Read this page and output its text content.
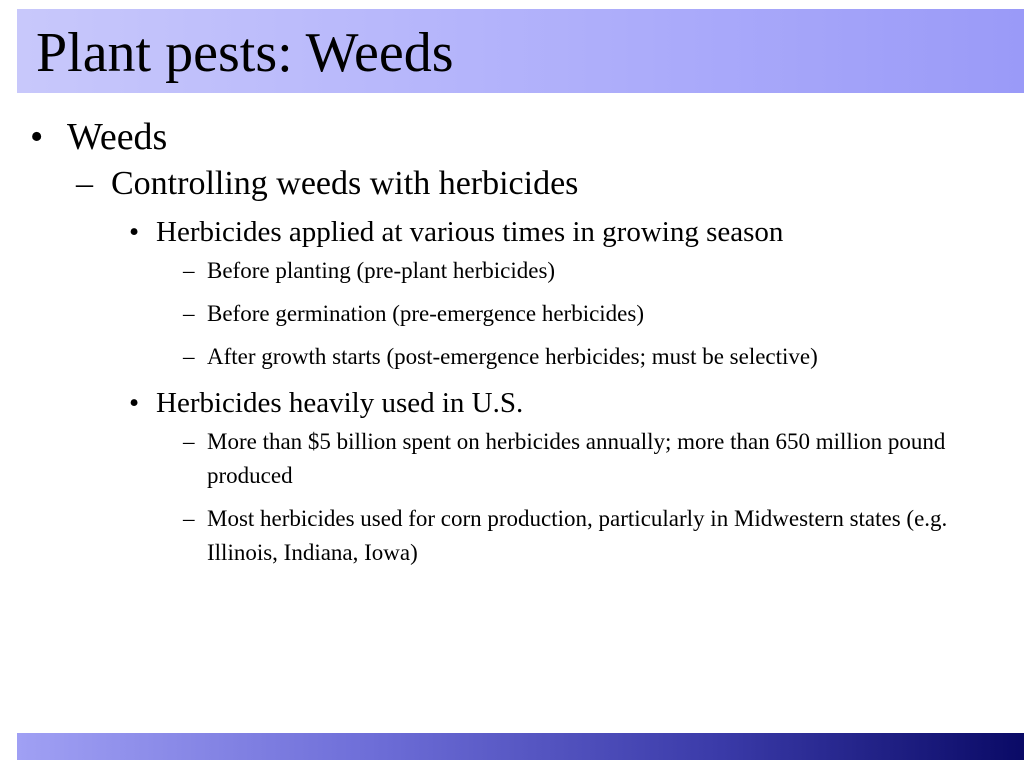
Plant pests: Weeds
• Weeds
– Controlling weeds with herbicides
• Herbicides applied at various times in growing season
– Before planting (pre-plant herbicides)
– Before germination (pre-emergence herbicides)
– After growth starts (post-emergence herbicides; must be selective)
• Herbicides heavily used in U.S.
– More than $5 billion spent on herbicides annually; more than 650 million pound produced
– Most herbicides used for corn production, particularly in Midwestern states (e.g. Illinois, Indiana, Iowa)
